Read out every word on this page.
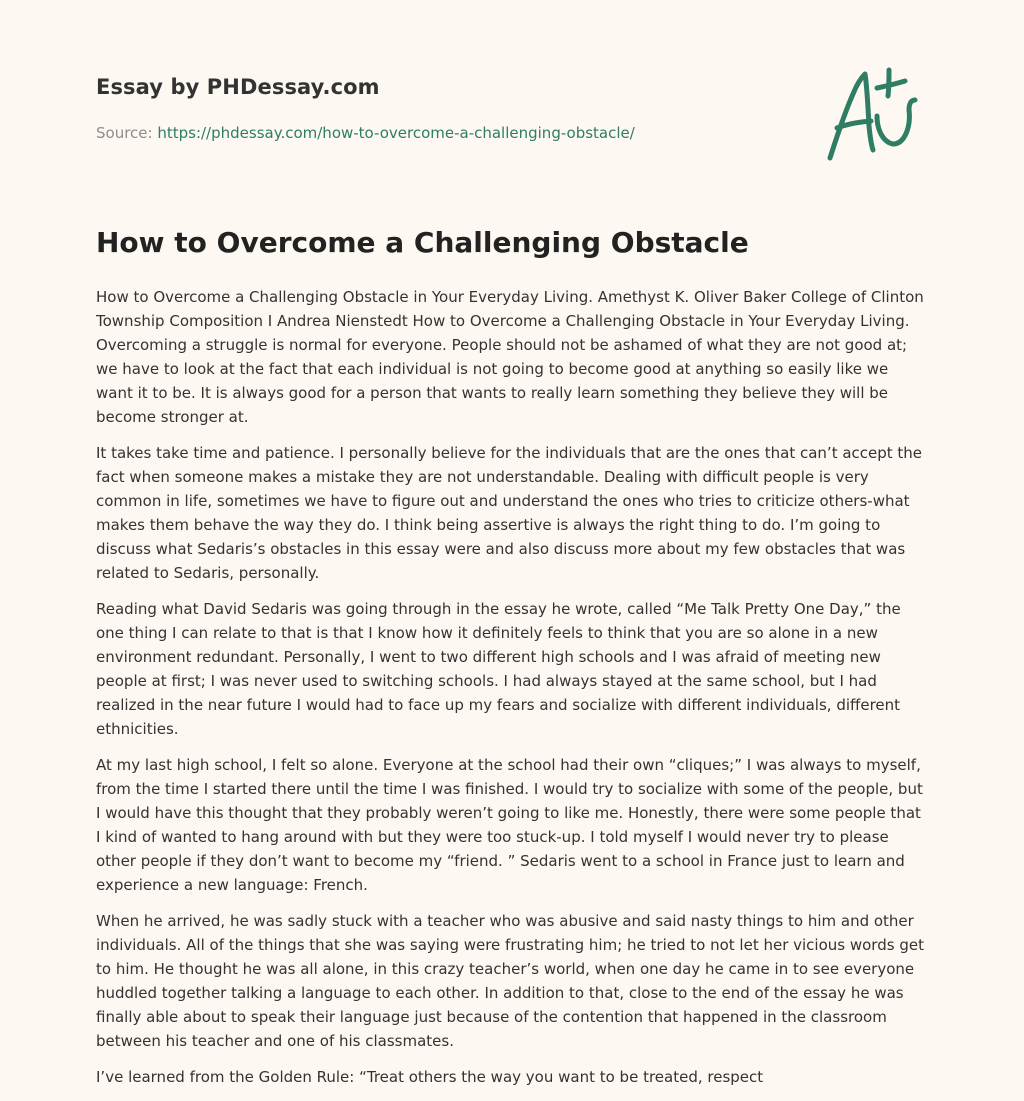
Essay by PHDessay.com

Source: https://phdessay.com/how-to-overcome-a-challenging-obstacle/

How to Overcome a Challenging Obstacle

How to Overcome a Challenging Obstacle in Your Everyday Living. Amethyst K. Oliver Baker College of Clinton Township Composition I Andrea Nienstedt How to Overcome a Challenging Obstacle in Your Everyday Living. Overcoming a struggle is normal for everyone. People should not be ashamed of what they are not good at; we have to look at the fact that each individual is not going to become good at anything so easily like we want it to be. It is always good for a person that wants to really learn something they believe they will be become stronger at.

It takes take time and patience. I personally believe for the individuals that are the ones that can’t accept the fact when someone makes a mistake they are not understandable. Dealing with difficult people is very common in life, sometimes we have to figure out and understand the ones who tries to criticize others-what makes them behave the way they do. I think being assertive is always the right thing to do. I’m going to discuss what Sedaris’s obstacles in this essay were and also discuss more about my few obstacles that was related to Sedaris, personally.

Reading what David Sedaris was going through in the essay he wrote, called “Me Talk Pretty One Day,” the one thing I can relate to that is that I know how it definitely feels to think that you are so alone in a new environment redundant. Personally, I went to two different high schools and I was afraid of meeting new people at first; I was never used to switching schools. I had always stayed at the same school, but I had realized in the near future I would had to face up my fears and socialize with different individuals, different ethnicities.

At my last high school, I felt so alone. Everyone at the school had their own “cliques;” I was always to myself, from the time I started there until the time I was finished. I would try to socialize with some of the people, but I would have this thought that they probably weren’t going to like me. Honestly, there were some people that I kind of wanted to hang around with but they were too stuck-up. I told myself I would never try to please other people if they don’t want to become my “friend. ” Sedaris went to a school in France just to learn and experience a new language: French.

When he arrived, he was sadly stuck with a teacher who was abusive and said nasty things to him and other individuals. All of the things that she was saying were frustrating him; he tried to not let her vicious words get to him. He thought he was all alone, in this crazy teacher’s world, when one day he came in to see everyone huddled together talking a language to each other. In addition to that, close to the end of the essay he was finally able about to speak their language just because of the contention that happened in the classroom between his teacher and one of his classmates.

I’ve learned from the Golden Rule: “Treat others the way you want to be treated, respect
